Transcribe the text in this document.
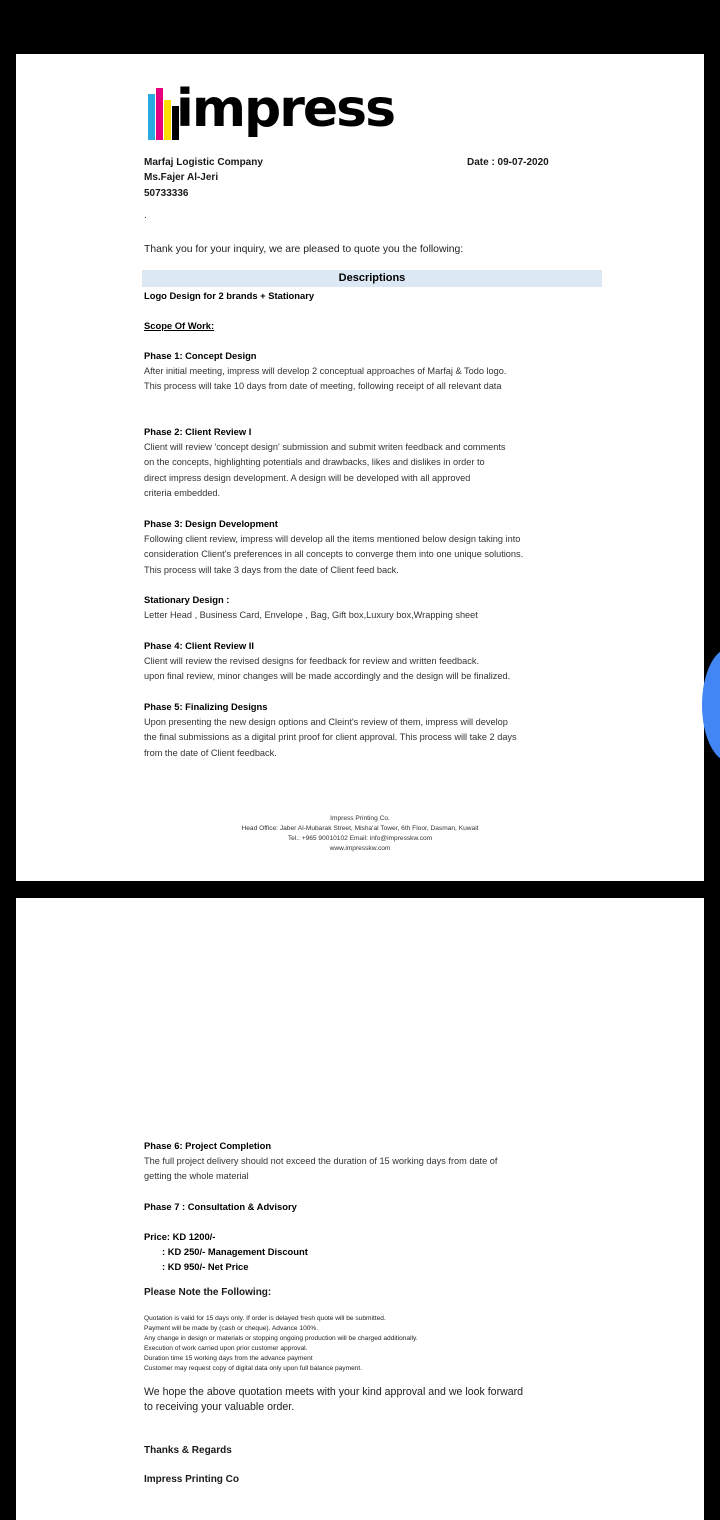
impress
Marfaj Logistic Company
Ms.Fajer Al-Jeri
50733336
.
Date : 09-07-2020
Thank you for your inquiry, we are pleased to quote you the following:
Descriptions
Logo Design for 2 brands + Stationary
Scope Of Work:
Phase 1: Concept Design
After initial meeting, impress will develop 2 conceptual approaches of Marfaj & Todo logo.
This process will take 10 days from date of meeting, following receipt of all relevant data
Phase 2: Client Review I
Client will review 'concept design' submission and submit writen feedback and comments
on the concepts, highlighting potentials and drawbacks, likes and dislikes in order to
direct impress design development. A design will be developed with all approved
criteria embedded.
Phase 3: Design Development
Following client review, impress will develop all the items mentioned below design taking into
consideration Client's preferences in all concepts to converge them into one unique solutions.
This process will take 3 days from the date of Client feed back.
Stationary Design :
Letter Head , Business Card, Envelope , Bag, Gift box,Luxury box,Wrapping sheet
Phase 4: Client Review II
Client will review the revised designs for feedback for review and written feedback.
upon final review, minor changes will be made accordingly and the design will be finalized.
Phase 5: Finalizing Designs
Upon presenting the new design options and Cleint's review of them, impress will develop
the final submissions as a digital print proof for client approval. This process will take 2 days
from the date of Client feedback.
Impress Printing Co.
Head Office: Jaber Al-Mubarak Street, Misha'al Tower, 6th Floor, Dasman, Kuwait
Tel.: +965 90010102 Email: info@impresskw.com
www.impresskw.com
Phase 6: Project Completion
The full project delivery should not exceed the duration of 15 working days from date of
getting the whole material
Phase 7 : Consultation & Advisory
Price: KD 1200/-
: KD 250/- Management Discount
: KD 950/- Net Price
Please Note the Following:
Quotation is valid for 15 days only. If order is delayed fresh quote will be submitted.
Payment will be made by (cash or cheque). Advance 100%.
Any change in design or materials or stopping ongoing production will be charged additionally.
Execution of work carried upon prior customer approval.
Duration time 15 working days from the advance payment
Customer may request copy of digital data only upon full balance payment.
We hope the above quotation meets with your kind approval and we look forward
to receiving your valuable order.
Thanks & Regards
Impress Printing Co
